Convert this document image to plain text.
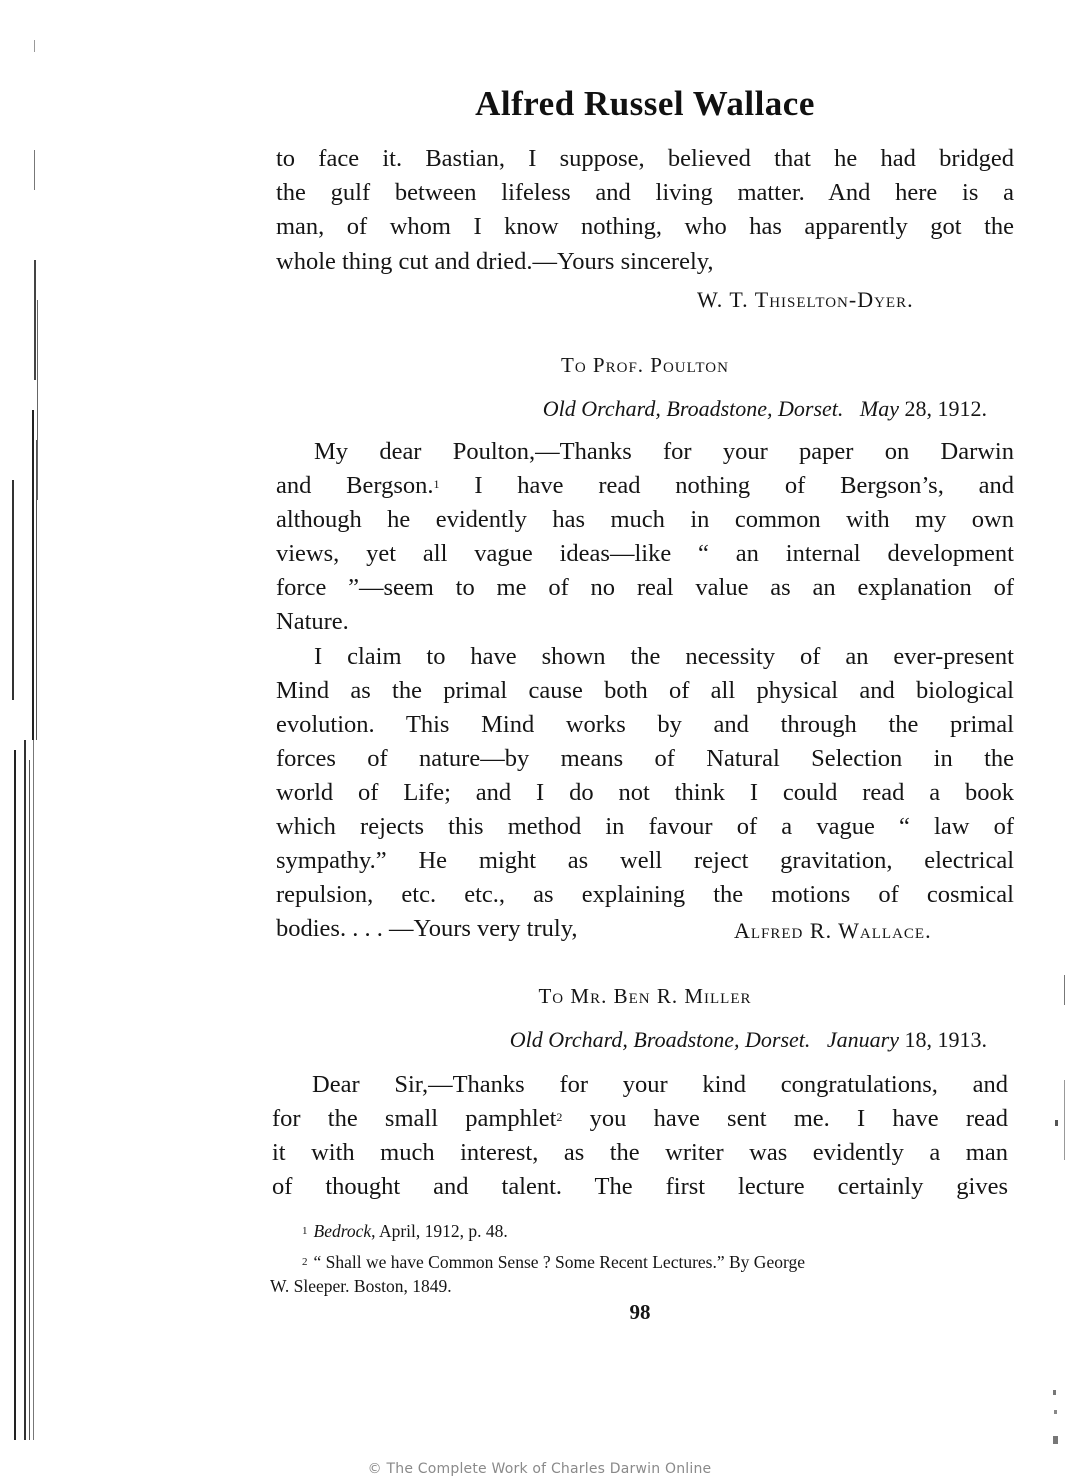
Alfred Russel Wallace
to face it. Bastian, I suppose, believed that he had bridged
the gulf between lifeless and living matter. And here is a
man, of whom I know nothing, who has apparently got the
whole thing cut and dried.—Yours sincerely,
W. T. Thiselton-Dyer.
To Prof. Poulton
Old Orchard, Broadstone, Dorset. May 28, 1912.
My dear Poulton,—Thanks for your paper on Darwin
and Bergson.$^1$ I have read nothing of Bergson’s, and
although he evidently has much in common with my own
views, yet all vague ideas—like “ an internal development
force ”—seem to me of no real value as an explanation of
Nature.
I claim to have shown the necessity of an ever-present
Mind as the primal cause both of all physical and biological
evolution. This Mind works by and through the primal
forces of nature—by means of Natural Selection in the
world of Life; and I do not think I could read a book
which rejects this method in favour of a vague “ law of
sympathy.” He might as well reject gravitation, electrical
repulsion, etc. etc., as explaining the motions of cosmical
bodies. . . . —Yours very truly,	Alfred R. Wallace.
To Mr. Ben R. Miller
Old Orchard, Broadstone, Dorset. January 18, 1913.
Dear Sir,—Thanks for your kind congratulations, and
for the small pamphlet$^2$ you have sent me. I have read
it with much interest, as the writer was evidently a man
of thought and talent. The first lecture certainly gives
$^1$ Bedrock, April, 1912, p. 48.
$^2$ “ Shall we have Common Sense ? Some Recent Lectures.” By George
W. Sleeper. Boston, 1849.
98
© The Complete Work of Charles Darwin Online
